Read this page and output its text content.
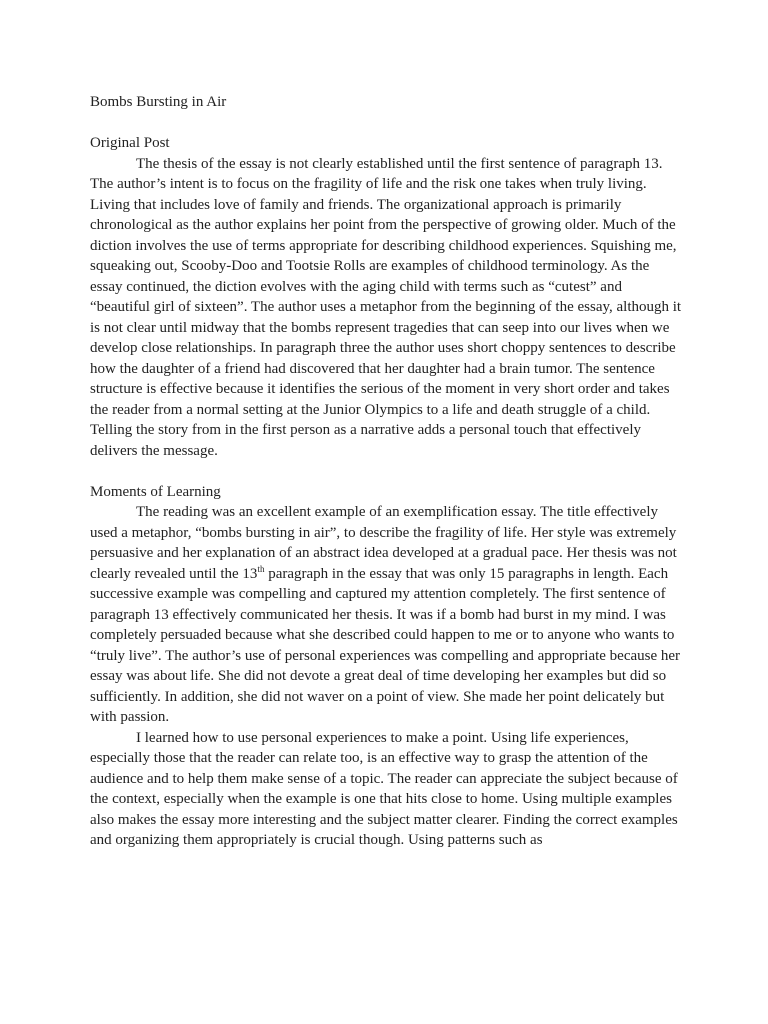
Bombs Bursting in Air

Original Post

The thesis of the essay is not clearly established until the first sentence of paragraph 13. The author’s intent is to focus on the fragility of life and the risk one takes when truly living. Living that includes love of family and friends. The organizational approach is primarily chronological as the author explains her point from the perspective of growing older. Much of the diction involves the use of terms appropriate for describing childhood experiences. Squishing me, squeaking out, Scooby-Doo and Tootsie Rolls are examples of childhood terminology. As the essay continued, the diction evolves with the aging child with terms such as “cutest” and “beautiful girl of sixteen”. The author uses a metaphor from the beginning of the essay, although it is not clear until midway that the bombs represent tragedies that can seep into our lives when we develop close relationships. In paragraph three the author uses short choppy sentences to describe how the daughter of a friend had discovered that her daughter had a brain tumor. The sentence structure is effective because it identifies the serious of the moment in very short order and takes the reader from a normal setting at the Junior Olympics to a life and death struggle of a child. Telling the story from in the first person as a narrative adds a personal touch that effectively delivers the message.

Moments of Learning

The reading was an excellent example of an exemplification essay. The title effectively used a metaphor, “bombs bursting in air”, to describe the fragility of life. Her style was extremely persuasive and her explanation of an abstract idea developed at a gradual pace. Her thesis was not clearly revealed until the 13th paragraph in the essay that was only 15 paragraphs in length. Each successive example was compelling and captured my attention completely. The first sentence of paragraph 13 effectively communicated her thesis. It was if a bomb had burst in my mind. I was completely persuaded because what she described could happen to me or to anyone who wants to “truly live”. The author’s use of personal experiences was compelling and appropriate because her essay was about life. She did not devote a great deal of time developing her examples but did so sufficiently. In addition, she did not waver on a point of view. She made her point delicately but with passion.

I learned how to use personal experiences to make a point. Using life experiences, especially those that the reader can relate too, is an effective way to grasp the attention of the audience and to help them make sense of a topic. The reader can appreciate the subject because of the context, especially when the example is one that hits close to home. Using multiple examples also makes the essay more interesting and the subject matter clearer. Finding the correct examples and organizing them appropriately is crucial though. Using patterns such as
